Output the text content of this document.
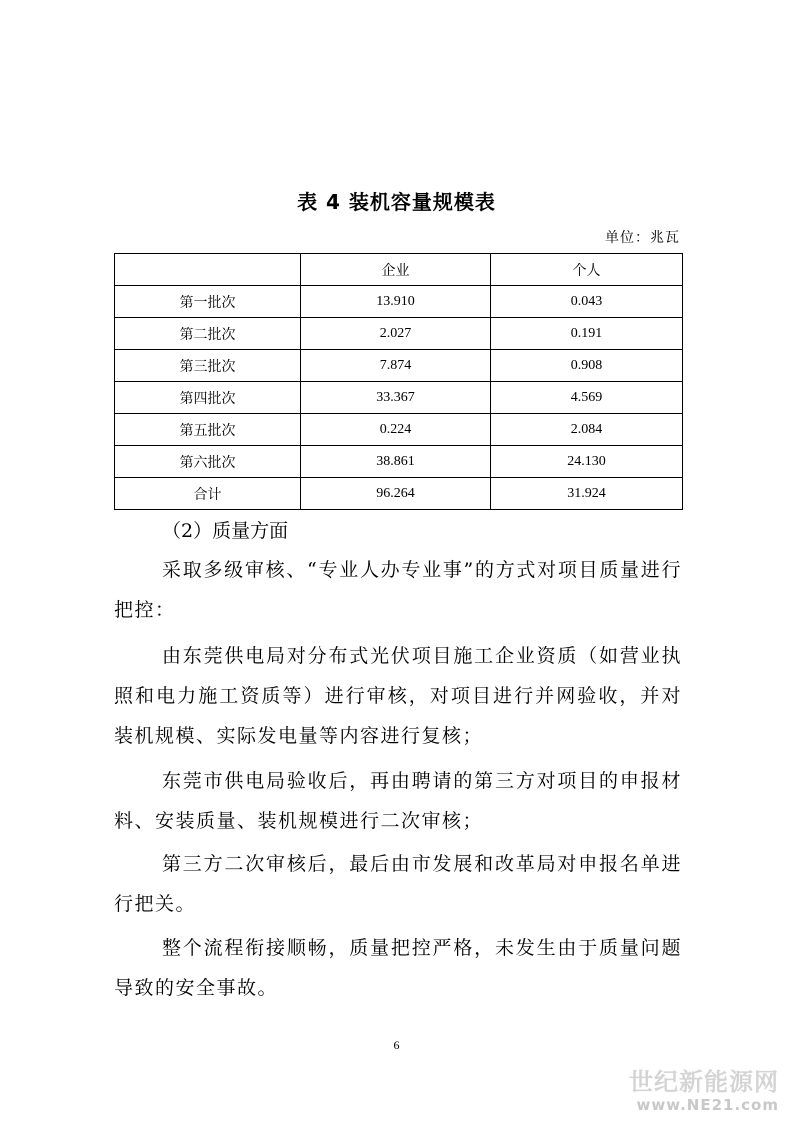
表 4 装机容量规模表
单位：兆瓦
	企业	个人
第一批次	13.910	0.043
第二批次	2.027	0.191
第三批次	7.874	0.908
第四批次	33.367	4.569
第五批次	0.224	2.084
第六批次	38.861	24.130
合计	96.264	31.924
（2）质量方面
采取多级审核、“专业人办专业事”的方式对项目质量进行把控：
由东莞供电局对分布式光伏项目施工企业资质（如营业执照和电力施工资质等）进行审核，对项目进行并网验收，并对装机规模、实际发电量等内容进行复核；
东莞市供电局验收后，再由聘请的第三方对项目的申报材料、安装质量、装机规模进行二次审核；
第三方二次审核后，最后由市发展和改革局对申报名单进行把关。
整个流程衔接顺畅，质量把控严格，未发生由于质量问题导致的安全事故。
6
世纪新能源网
www.NE21.com
